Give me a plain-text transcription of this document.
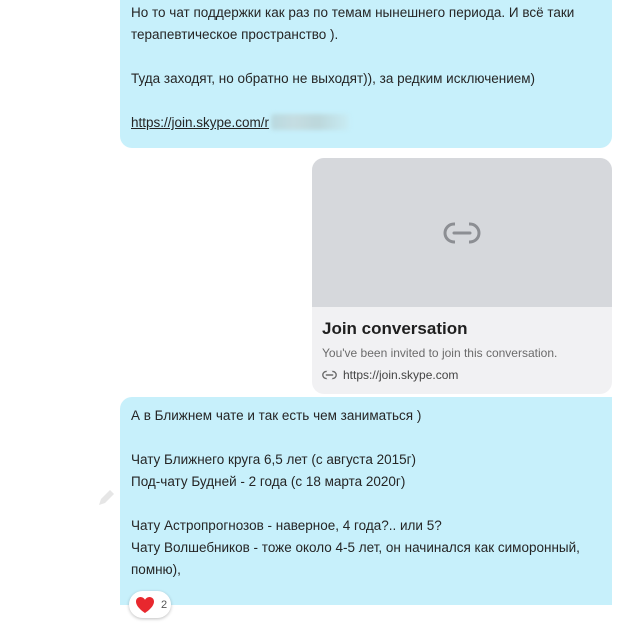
Но то чат поддержки как раз по темам нынешнего периода. И всё таки
терапевтическое пространство ).
Туда заходят, но обратно не выходят)), за редким исключением)
https://join.skype.com/r
Join conversation
You've been invited to join this conversation.
https://join.skype.com
А в Ближнем чате и так есть чем заниматься )
Чату Ближнего круга 6,5 лет (с августа 2015г)
Под-чату Будней - 2 года (с 18 марта 2020г)
Чату Астропрогнозов - наверное, 4 года?.. или 5?
Чату Волшебников - тоже около 4-5 лет, он начинался как симоронный,
помню),
2
